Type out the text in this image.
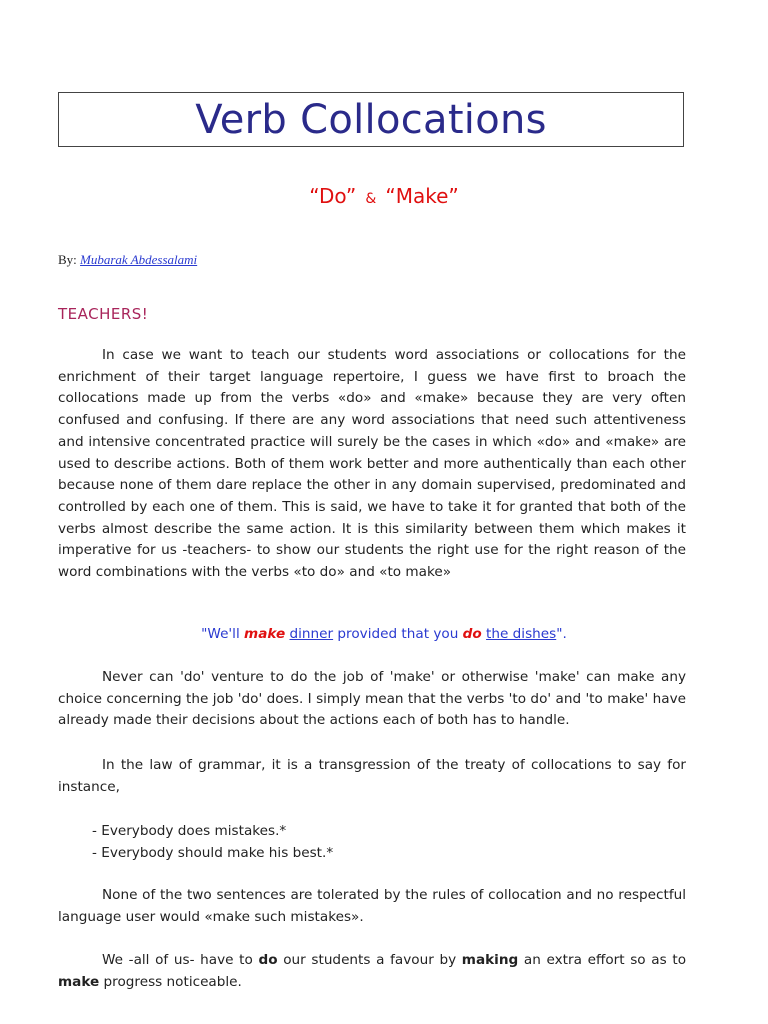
Verb Collocations
“Do” & “Make”
By: Mubarak Abdessalami
TEACHERS!
In case we want to teach our students word associations or collocations for the enrichment of their target language repertoire, I guess we have first to broach the collocations made up from the verbs «do» and «make» because they are very often confused and confusing. If there are any word associations that need such attentiveness and intensive concentrated practice will surely be the cases in which «do» and «make» are used to describe actions. Both of them work better and more authentically than each other because none of them dare replace the other in any domain supervised, predominated and controlled by each one of them. This is said, we have to take it for granted that both of the verbs almost describe the same action. It is this similarity between them which makes it imperative for us -teachers- to show our students the right use for the right reason of the word combinations with the verbs «to do» and «to make»
"We'll make dinner provided that you do the dishes".
Never can 'do' venture to do the job of 'make' or otherwise 'make' can make any choice concerning the job 'do' does. I simply mean that the verbs 'to do' and 'to make' have already made their decisions about the actions each of both has to handle.
In the law of grammar, it is a transgression of the treaty of collocations to say for instance,
- Everybody does mistakes.*
- Everybody should make his best.*
None of the two sentences are tolerated by the rules of collocation and no respectful language user would «make such mistakes».
We -all of us- have to do our students a favour by making an extra effort so as to make progress noticeable.
